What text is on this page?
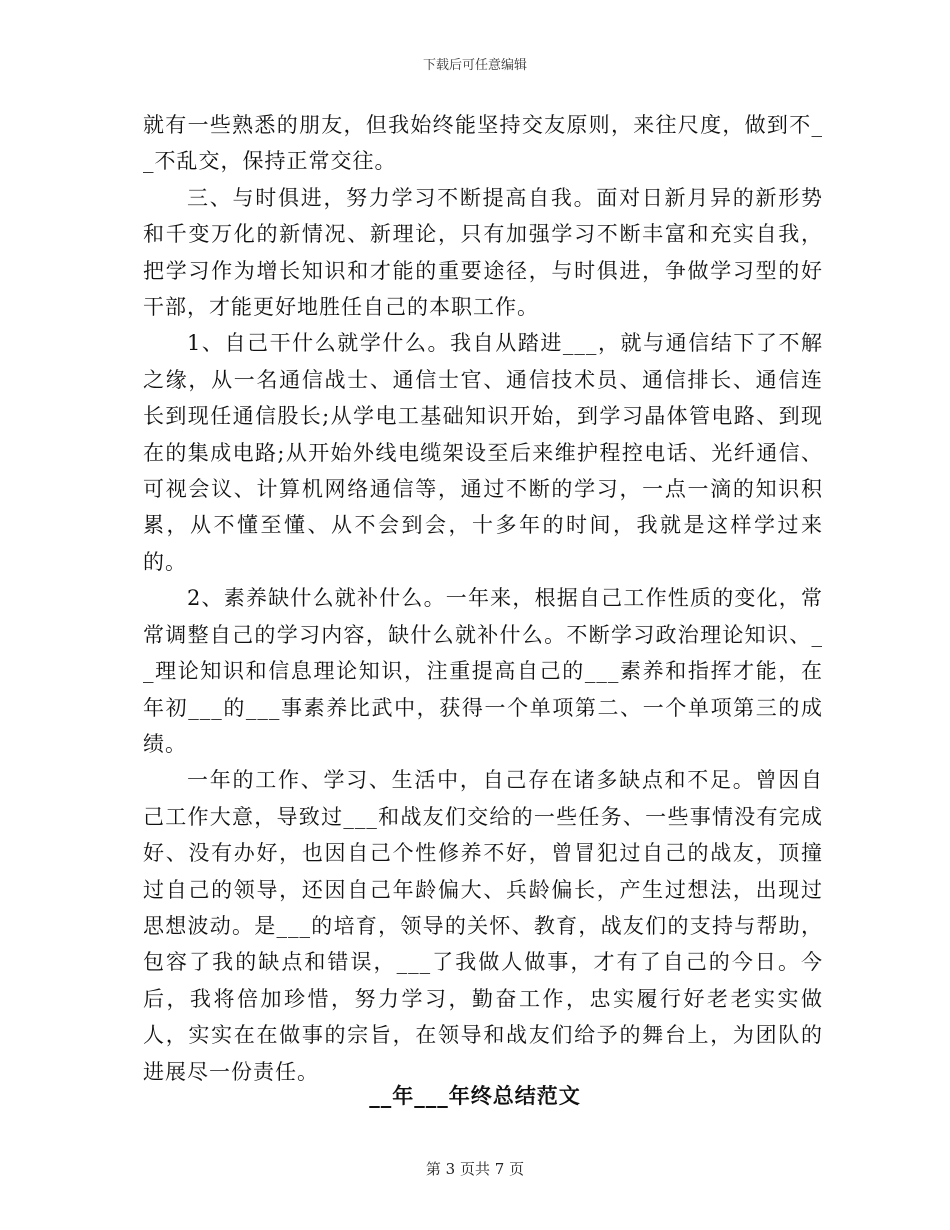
下载后可任意编辑

就有一些熟悉的朋友，但我始终能坚持交友原则，来往尺度，做到不__不乱交，保持正常交往。

三、与时俱进，努力学习不断提高自我。面对日新月异的新形势和千变万化的新情况、新理论，只有加强学习不断丰富和充实自我，把学习作为增长知识和才能的重要途径，与时俱进，争做学习型的好干部，才能更好地胜任自己的本职工作。

1、自己干什么就学什么。我自从踏进___，就与通信结下了不解之缘，从一名通信战士、通信士官、通信技术员、通信排长、通信连长到现任通信股长;从学电工基础知识开始，到学习晶体管电路、到现在的集成电路;从开始外线电缆架设至后来维护程控电话、光纤通信、可视会议、计算机网络通信等，通过不断的学习，一点一滴的知识积累，从不懂至懂、从不会到会，十多年的时间，我就是这样学过来的。

2、素养缺什么就补什么。一年来，根据自己工作性质的变化，常常调整自己的学习内容，缺什么就补什么。不断学习政治理论知识、__理论知识和信息理论知识，注重提高自己的___素养和指挥才能，在年初___的___事素养比武中，获得一个单项第二、一个单项第三的成绩。

一年的工作、学习、生活中，自己存在诸多缺点和不足。曾因自己工作大意，导致过___和战友们交给的一些任务、一些事情没有完成好、没有办好，也因自己个性修养不好，曾冒犯过自己的战友，顶撞过自己的领导，还因自己年龄偏大、兵龄偏长，产生过想法，出现过思想波动。是___的培育，领导的关怀、教育，战友们的支持与帮助，包容了我的缺点和错误，___了我做人做事，才有了自己的今日。今后，我将倍加珍惜，努力学习，勤奋工作，忠实履行好老老实实做人，实实在在做事的宗旨，在领导和战友们给予的舞台上，为团队的进展尽一份责任。

__年___年终总结范文
第 3 页共 7 页
